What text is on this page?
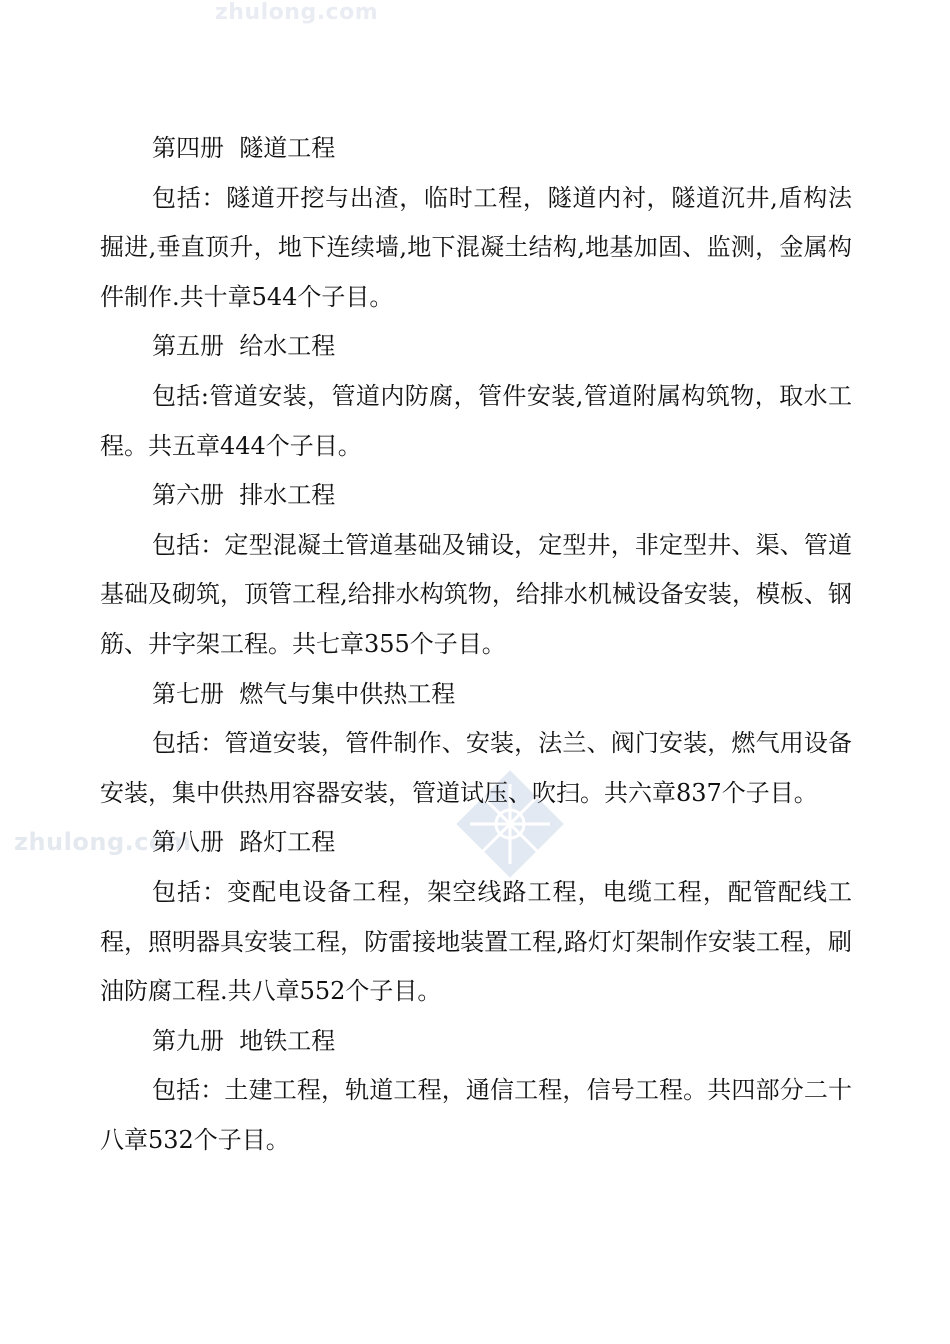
zhulong.com
zhulong.com

第四册  隧道工程

包括：隧道开挖与出渣，临时工程，隧道内衬，隧道沉井,盾构法掘进,垂直顶升，地下连续墙,地下混凝土结构,地基加固、监测，金属构件制作.共十章544个子目。

第五册  给水工程

包括:管道安装，管道内防腐，管件安装,管道附属构筑物，取水工程。共五章444个子目。

第六册  排水工程

包括：定型混凝土管道基础及铺设，定型井，非定型井、渠、管道基础及砌筑，顶管工程,给排水构筑物，给排水机械设备安装，模板、钢筋、井字架工程。共七章355个子目。

第七册  燃气与集中供热工程

包括：管道安装，管件制作、安装，法兰、阀门安装，燃气用设备安装，集中供热用容器安装，管道试压、吹扫。共六章837个子目。

第八册  路灯工程

包括：变配电设备工程，架空线路工程，电缆工程，配管配线工程，照明器具安装工程，防雷接地装置工程,路灯灯架制作安装工程，刷油防腐工程.共八章552个子目。

第九册  地铁工程

包括：土建工程，轨道工程，通信工程，信号工程。共四部分二十八章532个子目。
